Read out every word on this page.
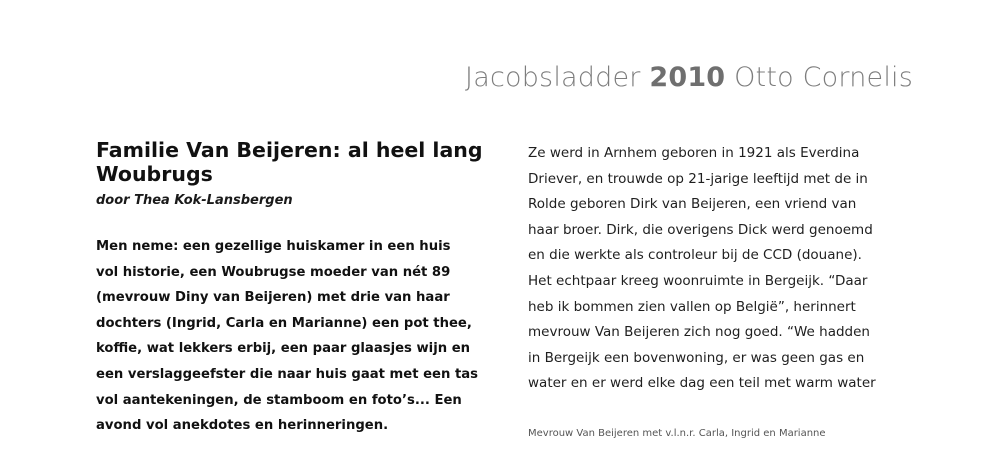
Jacobsladder 2010 Otto Cornelis
Familie Van Beijeren: al heel lang
Woubrugs
door Thea Kok-Lansbergen
Men neme: een gezellige huiskamer in een huis
vol historie, een Woubrugse moeder van nét 89
(mevrouw Diny van Beijeren) met drie van haar
dochters (Ingrid, Carla en Marianne) een pot thee,
koffie, wat lekkers erbij, een paar glaasjes wijn en
een verslaggeefster die naar huis gaat met een tas
vol aantekeningen, de stamboom en foto’s... Een
avond vol anekdotes en herinneringen.
Ze werd in Arnhem geboren in 1921 als Everdina
Driever, en trouwde op 21-jarige leeftijd met de in
Rolde geboren Dirk van Beijeren, een vriend van
haar broer. Dirk, die overigens Dick werd genoemd
en die werkte als controleur bij de CCD (douane).
Het echtpaar kreeg woonruimte in Bergeijk. “Daar
heb ik bommen zien vallen op België”, herinnert
mevrouw Van Beijeren zich nog goed. “We hadden
in Bergeijk een bovenwoning, er was geen gas en
water en er werd elke dag een teil met warm water
Mevrouw Van Beijeren met v.l.n.r. Carla, Ingrid en Marianne
